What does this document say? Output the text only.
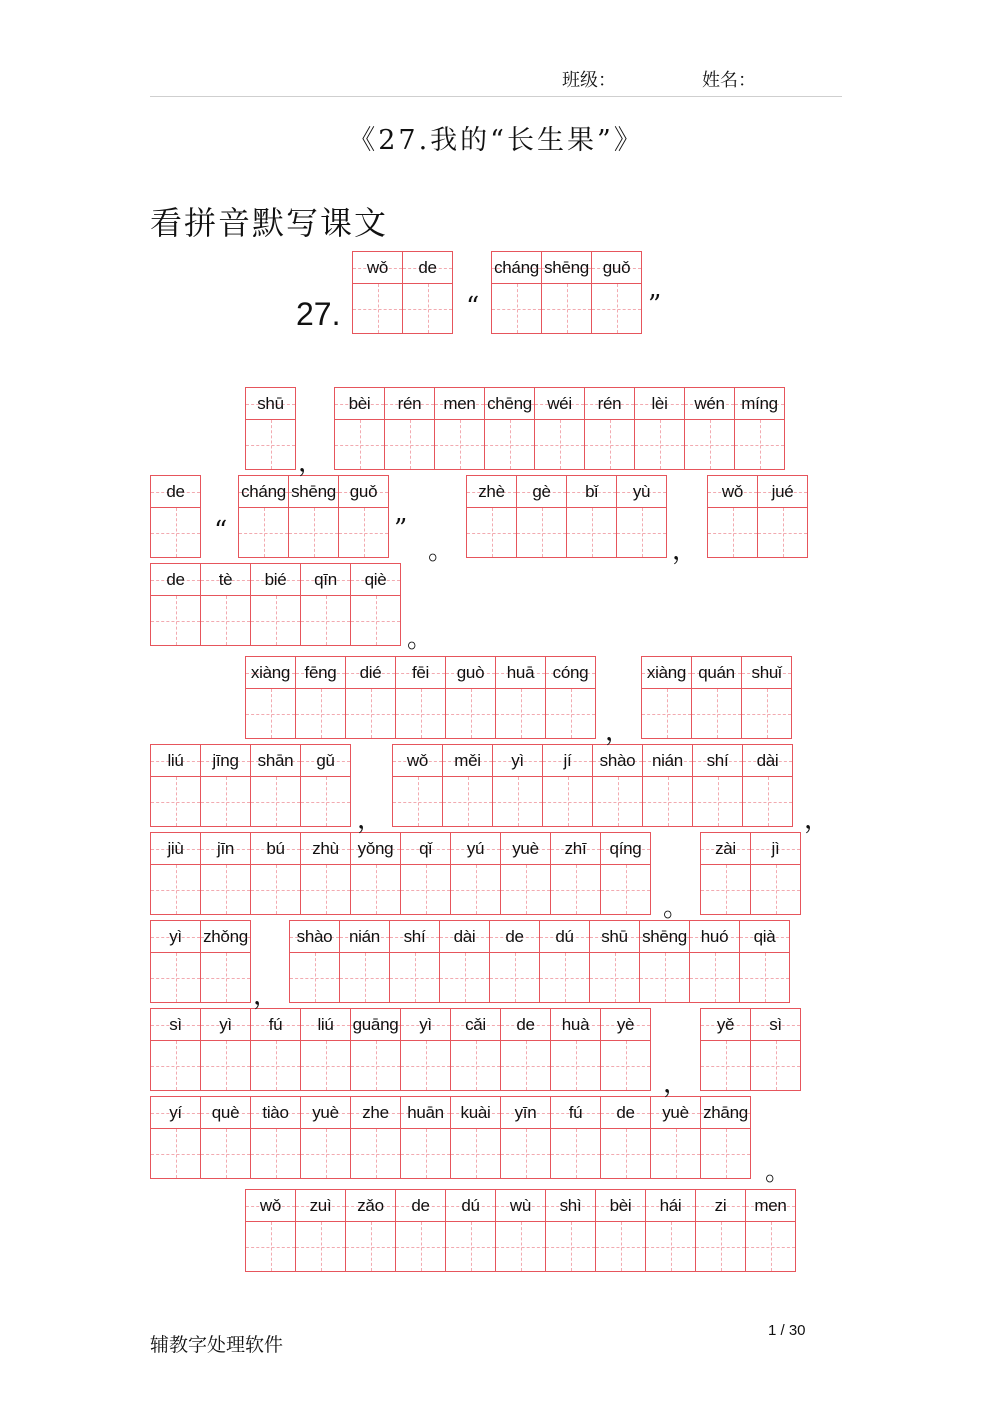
班级：	姓名：
《27.我的“长生果”》
看拼音默写课文
27.
wǒ de	cháng shēng guǒ
shū	bèi rén men chēng wéi rén lèi wén míng
de	cháng shēng guǒ	zhè gè bǐ yù	wǒ jué
de tè bié qīn qiè
xiàng fēng dié fēi guò huā cóng	xiàng quán shuǐ
liú jīng shān gǔ	wǒ měi yì jí shào nián shí dài
jiù jīn bú zhù yǒng qǐ yú yuè zhī qíng	zài jì
yì zhǒng	shào nián shí dài de dú shū shēng huó qià
sì yì fú liú guāng yì cǎi de huà yè	yě sì
yí què tiào yuè zhe huān kuài yīn fú de yuè zhāng
wǒ zuì zǎo de dú wù shì bèi hái zi men
“	”
，
“	”
。	，
。
，
，	，
。
，
，
。
辅教字处理软件
1 / 30
